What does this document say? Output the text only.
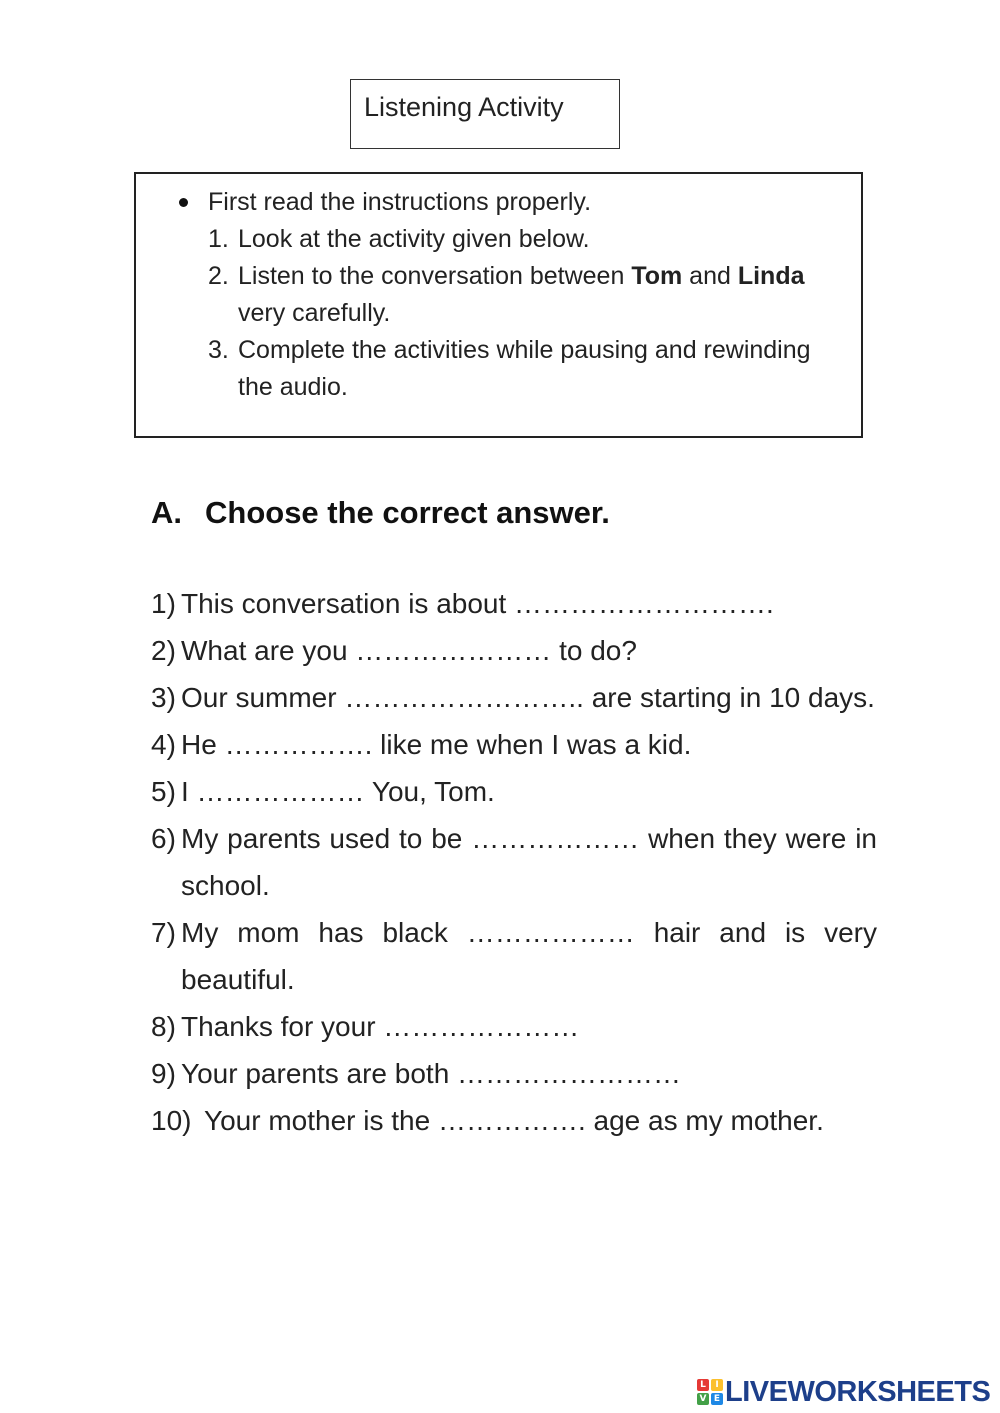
Listening Activity
First read the instructions properly.
1. Look at the activity given below.
2. Listen to the conversation between Tom and Linda very carefully.
3. Complete the activities while pausing and rewinding the audio.
A. Choose the correct answer.
1) This conversation is about ……………………….
2) What are you ………………… to do?
3) Our summer …………………….. are starting in 10 days.
4) He ……………. like me when I was a kid.
5) I ……………… You, Tom.
6) My parents used to be ……………… when they were in school.
7) My mom has black ……………… hair and is very beautiful.
8) Thanks for your …………………
9) Your parents are both ……………………
10) Your mother is the ……………. age as my mother.
L	I
V E LIVEWORKSHEETS
